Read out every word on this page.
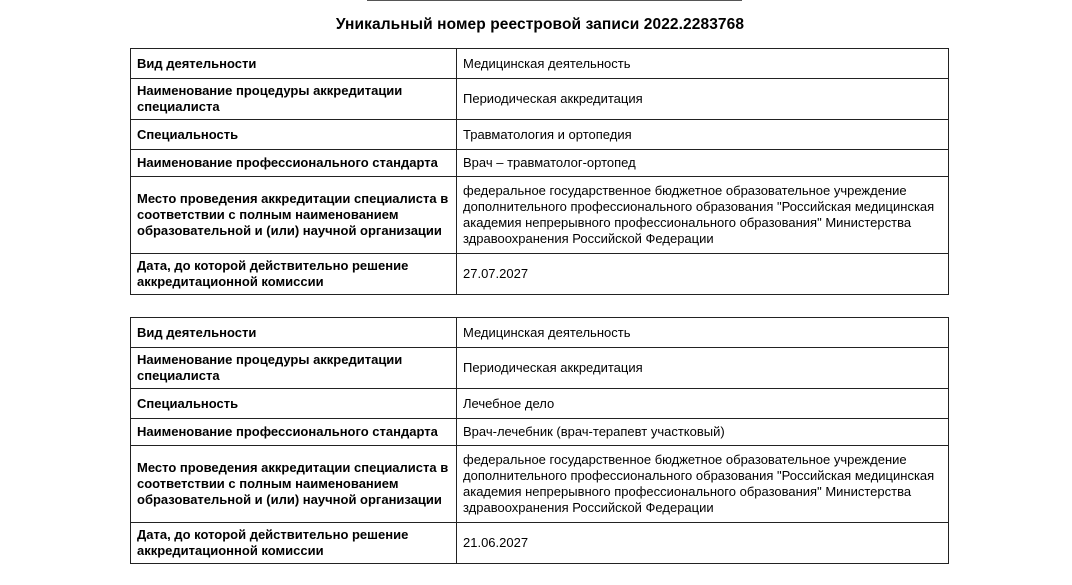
Уникальный номер реестровой записи 2022.2283768
Вид деятельности	Медицинская деятельность
Наименование процедуры аккредитации специалиста	Периодическая аккредитация
Специальность	Травматология и ортопедия
Наименование профессионального стандарта	Врач – травматолог-ортопед
Место проведения аккредитации специалиста в соответствии с полным наименованием образовательной и (или) научной организации	федеральное государственное бюджетное образовательное учреждение дополнительного профессионального образования "Российская медицинская академия непрерывного профессионального образования" Министерства здравоохранения Российской Федерации
Дата, до которой действительно решение аккредитационной комиссии	27.07.2027
Вид деятельности	Медицинская деятельность
Наименование процедуры аккредитации специалиста	Периодическая аккредитация
Специальность	Лечебное дело
Наименование профессионального стандарта	Врач-лечебник (врач-терапевт участковый)
Место проведения аккредитации специалиста в соответствии с полным наименованием образовательной и (или) научной организации	федеральное государственное бюджетное образовательное учреждение дополнительного профессионального образования "Российская медицинская академия непрерывного профессионального образования" Министерства здравоохранения Российской Федерации
Дата, до которой действительно решение аккредитационной комиссии	21.06.2027
